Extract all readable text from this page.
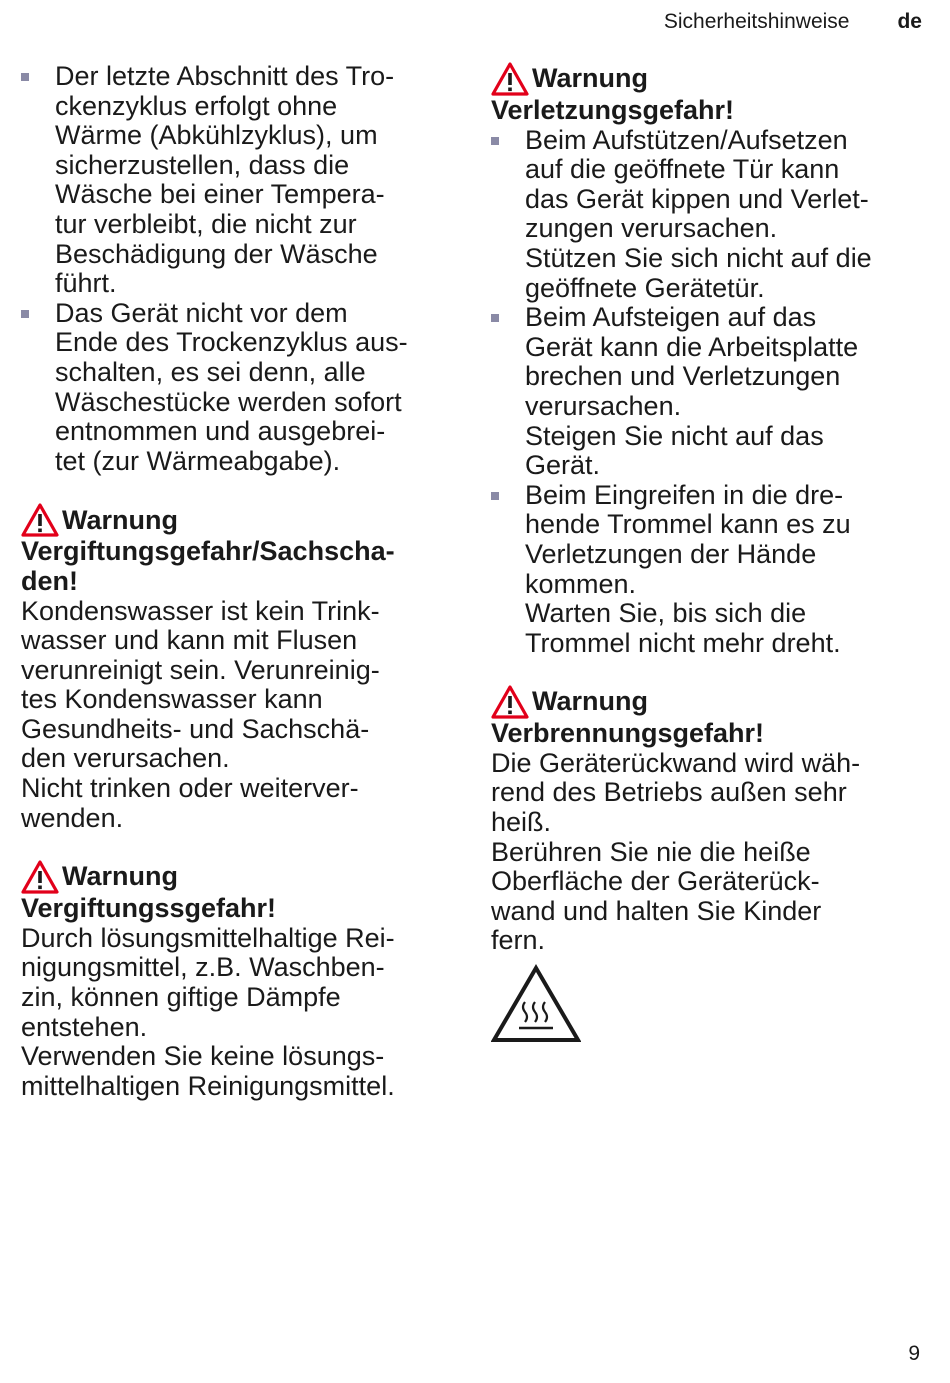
Sicherheitshinweise de
Der letzte Abschnitt des Tro-
ckenzyklus erfolgt ohne
Wärme (Abkühlzyklus), um
sicherzustellen, dass die
Wäsche bei einer Tempera-
tur verbleibt, die nicht zur
Beschädigung der Wäsche
führt.
Das Gerät nicht vor dem
Ende des Trockenzyklus aus-
schalten, es sei denn, alle
Wäschestücke werden sofort
entnommen und ausgebrei-
tet (zur Wärmeabgabe).
Warnung
Vergiftungsgefahr/Sachscha-
den!
Kondenswasser ist kein Trink-
wasser und kann mit Flusen
verunreinigt sein. Verunreinig-
tes Kondenswasser kann
Gesundheits- und Sachschä-
den verursachen.
Nicht trinken oder weiterver-
wenden.
Warnung
Vergiftungssgefahr!
Durch lösungsmittelhaltige Rei-
nigungsmittel, z.B. Waschben-
zin, können giftige Dämpfe
entstehen.
Verwenden Sie keine lösungs-
mittelhaltigen Reinigungsmittel.
Warnung
Verletzungsgefahr!
Beim Aufstützen/Aufsetzen
auf die geöffnete Tür kann
das Gerät kippen und Verlet-
zungen verursachen.
Stützen Sie sich nicht auf die
geöffnete Gerätetür.
Beim Aufsteigen auf das
Gerät kann die Arbeitsplatte
brechen und Verletzungen
verursachen.
Steigen Sie nicht auf das
Gerät.
Beim Eingreifen in die dre-
hende Trommel kann es zu
Verletzungen der Hände
kommen.
Warten Sie, bis sich die
Trommel nicht mehr dreht.
Warnung
Verbrennungsgefahr!
Die Geräterückwand wird wäh-
rend des Betriebs außen sehr
heiß.
Berühren Sie nie die heiße
Oberfläche der Geräterück-
wand und halten Sie Kinder
fern.
9
